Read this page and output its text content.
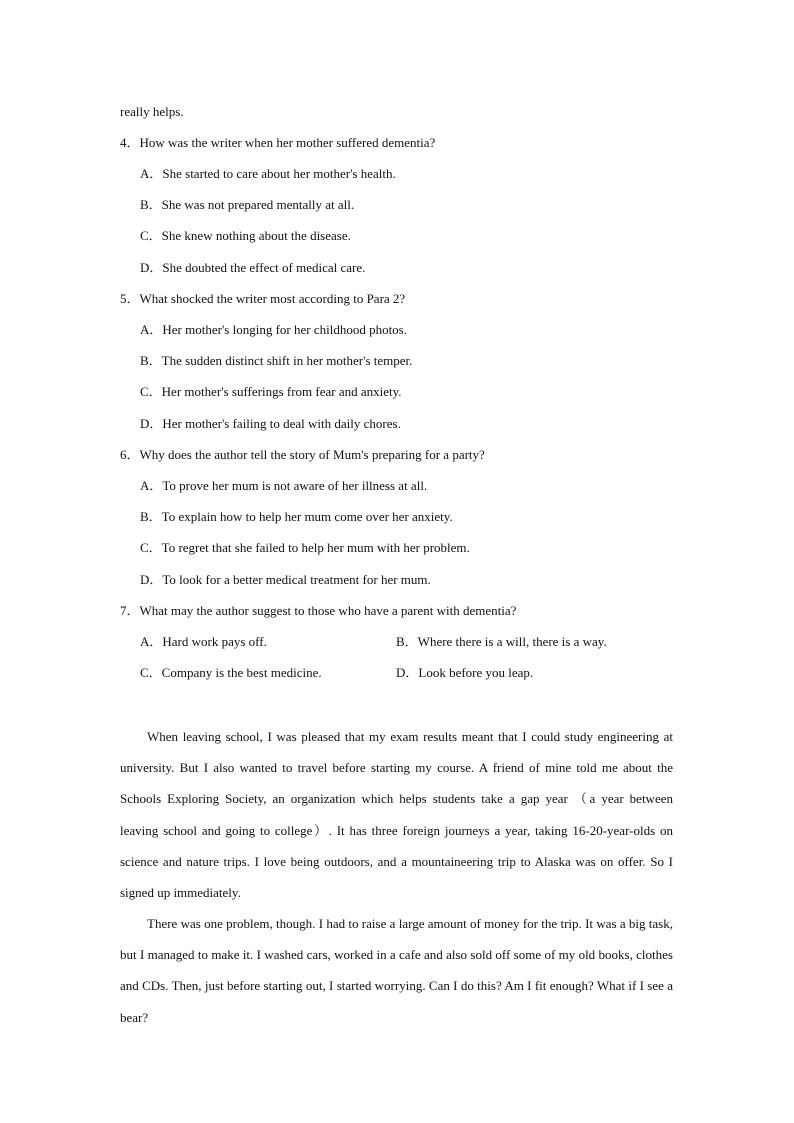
really helps.
4．How was the writer when her mother suffered dementia?
A．She started to care about her mother's health.
B．She was not prepared mentally at all.
C．She knew nothing about the disease.
D．She doubted the effect of medical care.
5．What shocked the writer most according to Para 2?
A．Her mother's longing for her childhood photos.
B．The sudden distinct shift in her mother's temper.
C．Her mother's sufferings from fear and anxiety.
D．Her mother's failing to deal with daily chores.
6．Why does the author tell the story of Mum's preparing for a party?
A．To prove her mum is not aware of her illness at all.
B．To explain how to help her mum come over her anxiety.
C．To regret that she failed to help her mum with her problem.
D．To look for a better medical treatment for her mum.
7．What may the author suggest to those who have a parent with dementia?
A．Hard work pays off.	B．Where there is a will, there is a way.
C．Company is the best medicine.	D．Look before you leap.

When leaving school, I was pleased that my exam results meant that I could study engineering at university. But I also wanted to travel before starting my course. A friend of mine told me about the Schools Exploring Society, an organization which helps students take a gap year （a year between leaving school and going to college）. It has three foreign journeys a year, taking 16-20-year-olds on science and nature trips. I love being outdoors, and a mountaineering trip to Alaska was on offer. So I signed up immediately.

There was one problem, though. I had to raise a large amount of money for the trip. It was a big task, but I managed to make it. I washed cars, worked in a cafe and also sold off some of my old books, clothes and CDs. Then, just before starting out, I started worrying. Can I do this? Am I fit enough? What if I see a bear?
